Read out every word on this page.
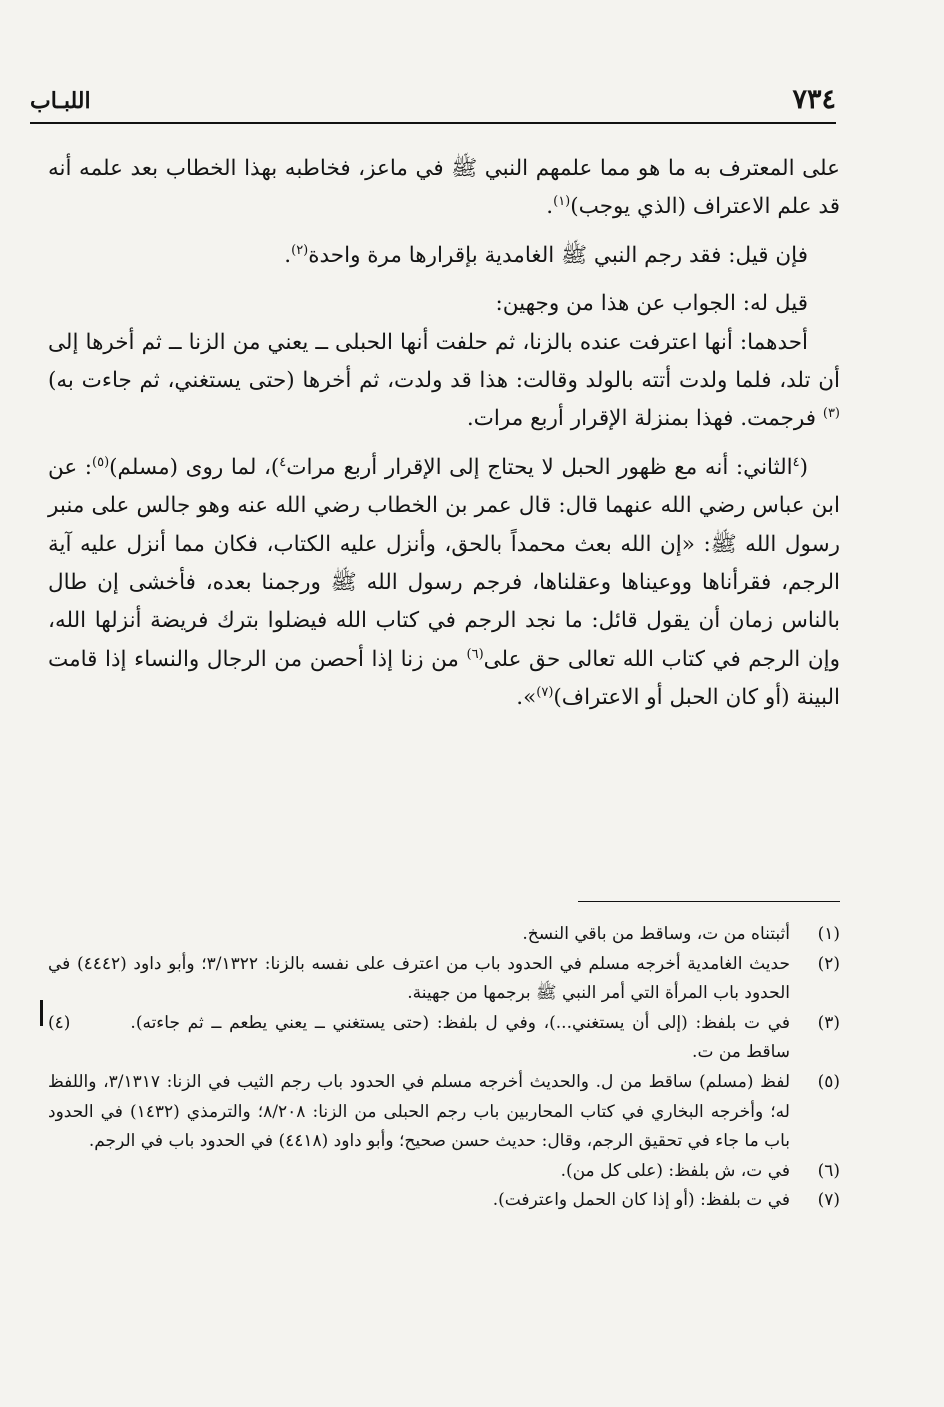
٧٣٤
اللبـاب

على المعترف به ما هو مما علمهم النبي ﷺ في ماعز، فخاطبه بهذا الخطاب بعد علمه أنه قد علم الاعتراف (الذي يوجب)$^{(١)}$.

فإن قيل: فقد رجم النبي ﷺ الغامدية بإقرارها مرة واحدة$^{(٢)}$.

قيل له: الجواب عن هذا من وجهين:

أحدهما: أنها اعترفت عنده بالزنا، ثم حلفت أنها الحبلى ــ يعني من الزنا ــ ثم أخرها إلى أن تلد، فلما ولدت أتته بالولد وقالت: هذا قد ولدت، ثم أخرها (حتى يستغني، ثم جاءت به)$^{(٣)}$ فرجمت. فهذا بمنزلة الإقرار أربع مرات.

($^٤$الثاني: أنه مع ظهور الحبل لا يحتاج إلى الإقرار أربع مرات$^٤$)، لما روى (مسلم)$^{(٥)}$: عن ابن عباس رضي الله عنهما قال: قال عمر بن الخطاب رضي الله عنه وهو جالس على منبر رسول الله ﷺ: «إن الله بعث محمداً بالحق، وأنزل عليه الكتاب، فكان مما أنزل عليه آية الرجم، فقرأناها ووعيناها وعقلناها، فرجم رسول الله ﷺ ورجمنا بعده، فأخشى إن طال بالناس زمان أن يقول قائل: ما نجد الرجم في كتاب الله فيضلوا بترك فريضة أنزلها الله، وإن الرجم في كتاب الله تعالى حق على$^{(٦)}$ من زنا إذا أحصن من الرجال والنساء إذا قامت البينة (أو كان الحبل أو الاعتراف)$^{(٧)}$».

(١)
أثبتناه من ت، وساقط من باقي النسخ.
(٢)
حديث الغامدية أخرجه مسلم في الحدود باب من اعترف على نفسه بالزنا: ٣/١٣٢٢؛ وأبو داود (٤٤٤٢) في الحدود باب المرأة التي أمر النبي ﷺ برجمها من جهينة.
(٣)
في ت بلفظ: (إلى أن يستغني...)، وفي ل بلفظ: (حتى يستغني ــ يعني يطعم ــ ثم جاءته).(٤) ساقط من ت.
(٥)
لفظ (مسلم) ساقط من ل. والحديث أخرجه مسلم في الحدود باب رجم الثيب في الزنا: ٣/١٣١٧، واللفظ له؛ وأخرجه البخاري في كتاب المحاربين باب رجم الحبلى من الزنا: ٨/٢٠٨؛ والترمذي (١٤٣٢) في الحدود باب ما جاء في تحقيق الرجم، وقال: حديث حسن صحيح؛ وأبو داود (٤٤١٨) في الحدود باب في الرجم.
(٦)
في ت، ش بلفظ: (على كل من).
(٧)
في ت بلفظ: (أو إذا كان الحمل واعترفت).
